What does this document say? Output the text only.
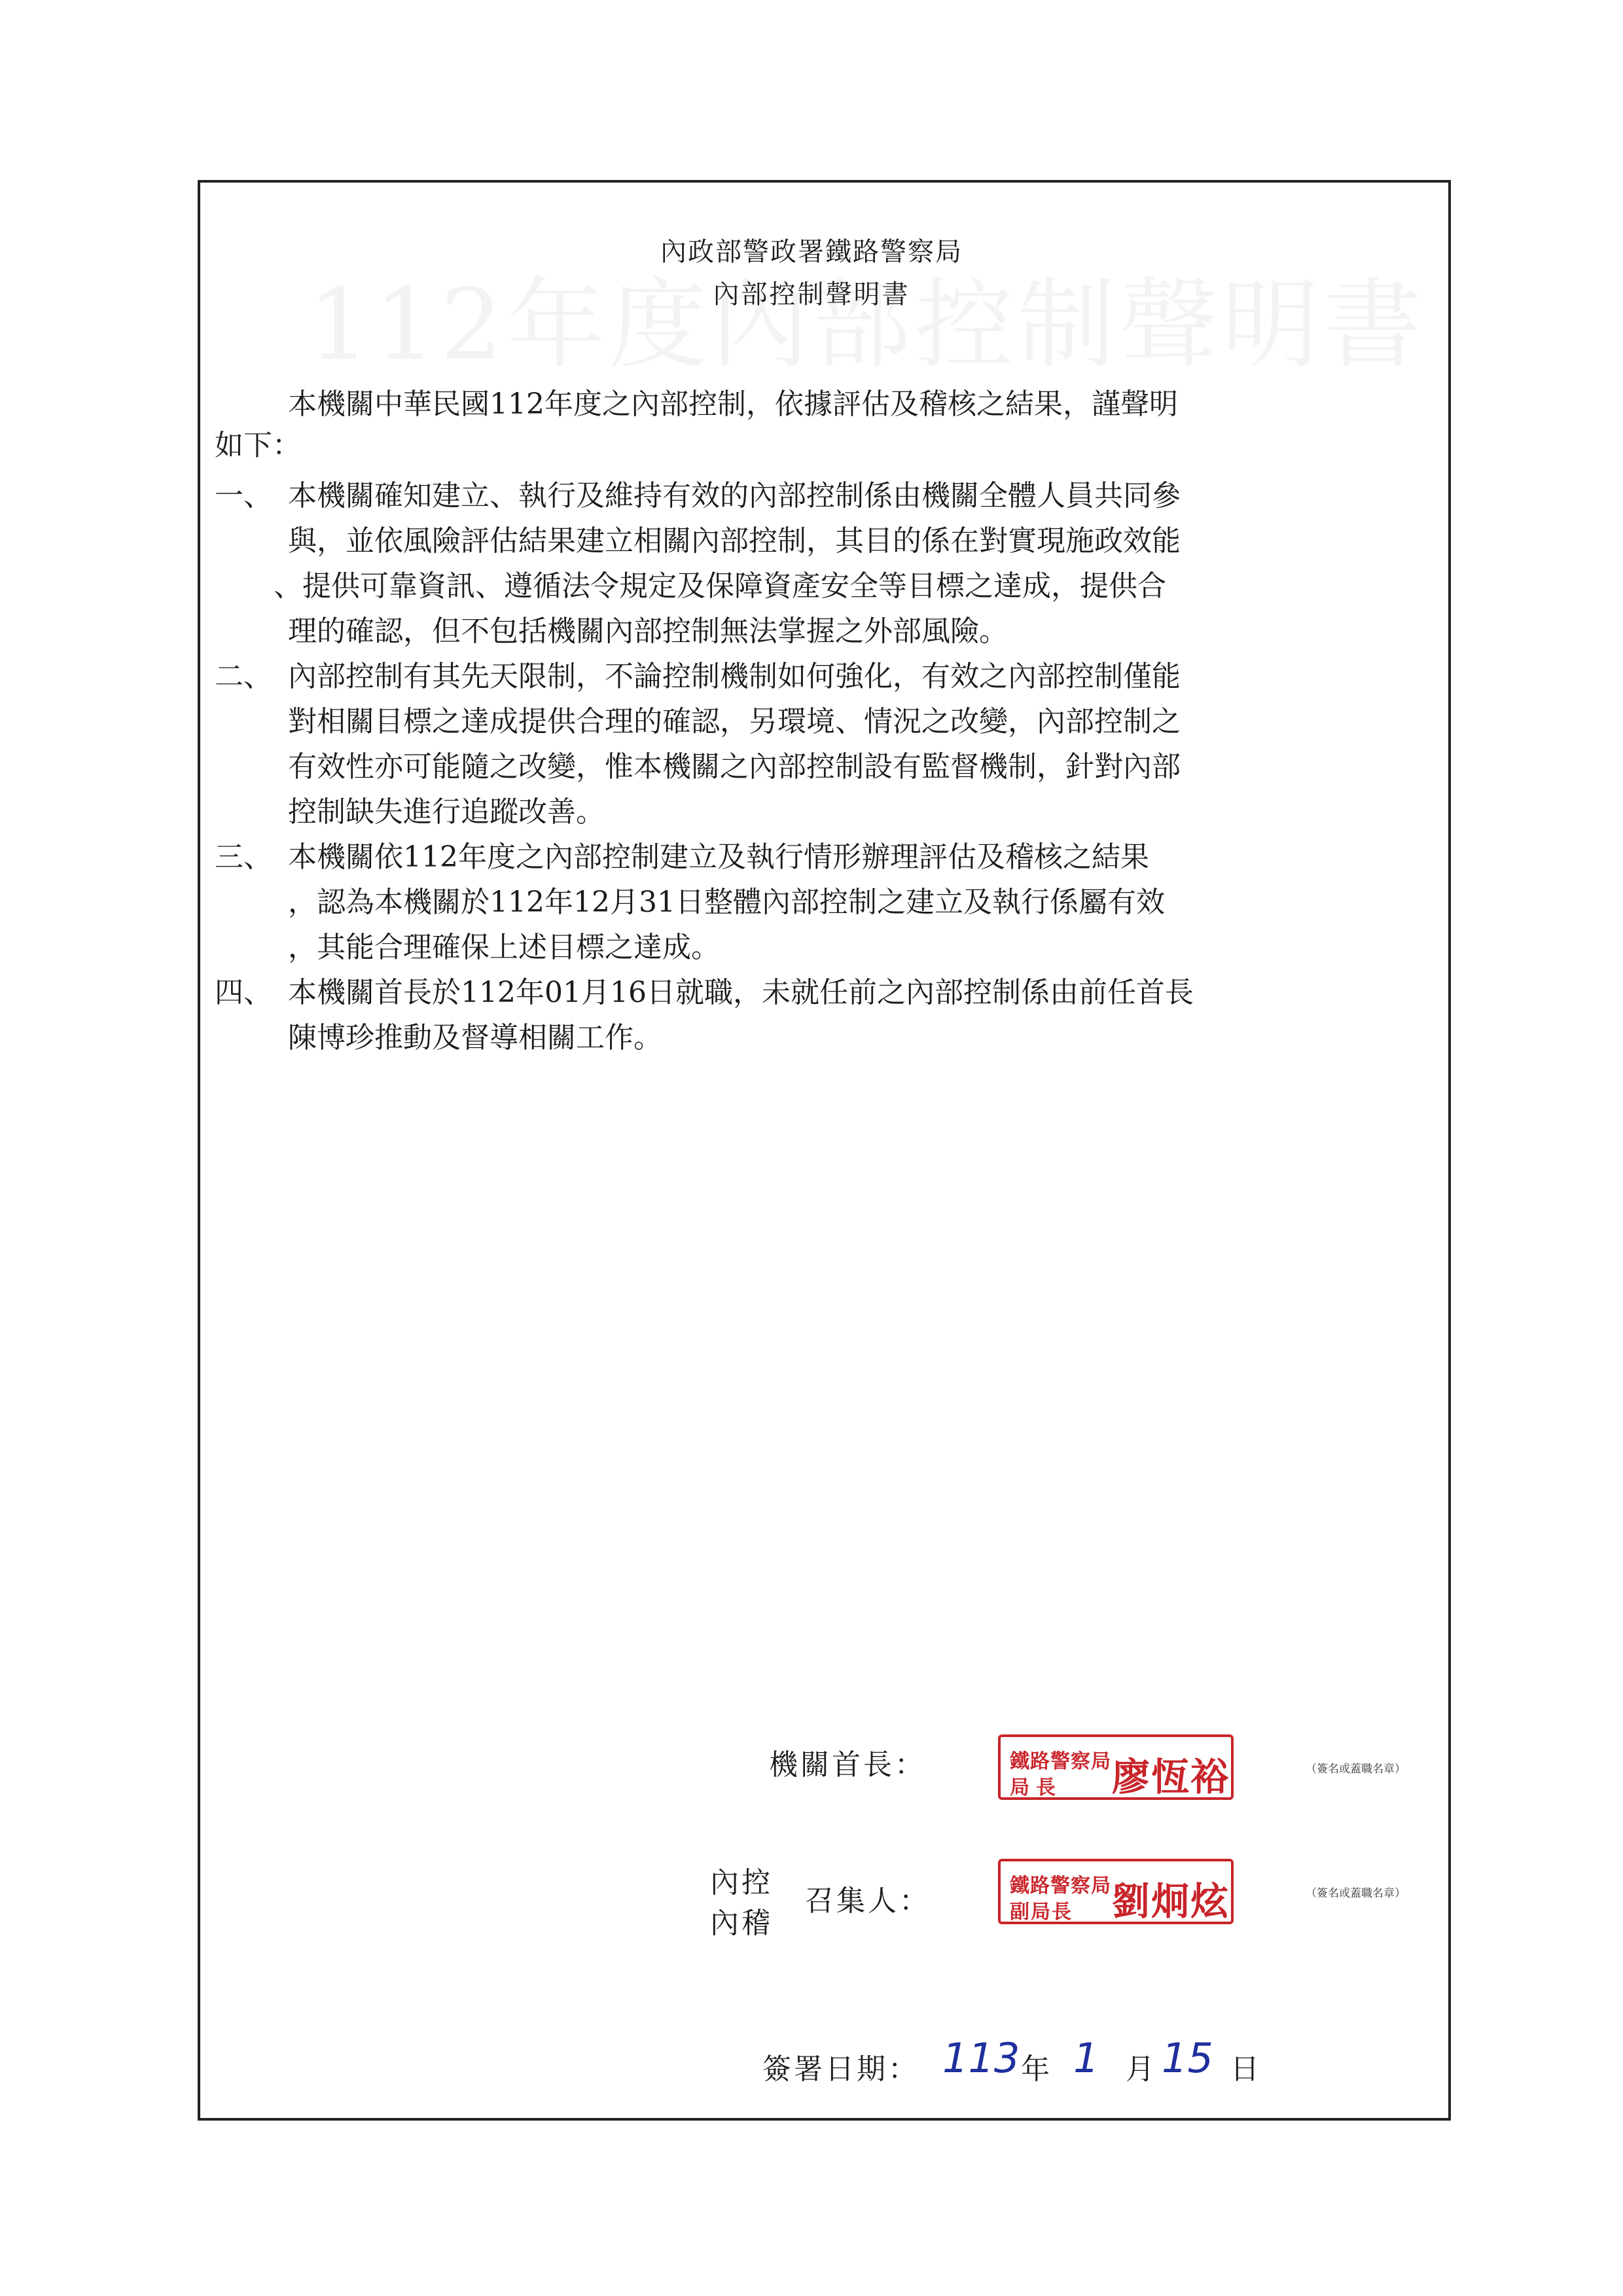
內政部警政署鐵路警察局
內部控制聲明書
本機關中華民國112年度之內部控制，依據評估及稽核之結果，謹聲明
如下：
一、 本機關確知建立、執行及維持有效的內部控制係由機關全體人員共同參
與，並依風險評估結果建立相關內部控制，其目的係在對實現施政效能
、提供可靠資訊、遵循法令規定及保障資產安全等目標之達成，提供合
理的確認，但不包括機關內部控制無法掌握之外部風險。
二、 內部控制有其先天限制，不論控制機制如何強化，有效之內部控制僅能
對相關目標之達成提供合理的確認，另環境、情況之改變，內部控制之
有效性亦可能隨之改變，惟本機關之內部控制設有監督機制，針對內部
控制缺失進行追蹤改善。
三、 本機關依112年度之內部控制建立及執行情形辦理評估及稽核之結果
，認為本機關於112年12月31日整體內部控制之建立及執行係屬有效
，其能合理確保上述目標之達成。
四、 本機關首長於112年01月16日就職，未就任前之內部控制係由前任首長
陳博珍推動及督導相關工作。
機關首長：	鐵路警察局
局長 廖恆裕	（簽名或蓋職名章）
內控
內稽
召集人：	鐵路警察局
副局長 劉炯炫	（簽名或蓋職名章）
簽署日期： 113 年 1 月 15 日
